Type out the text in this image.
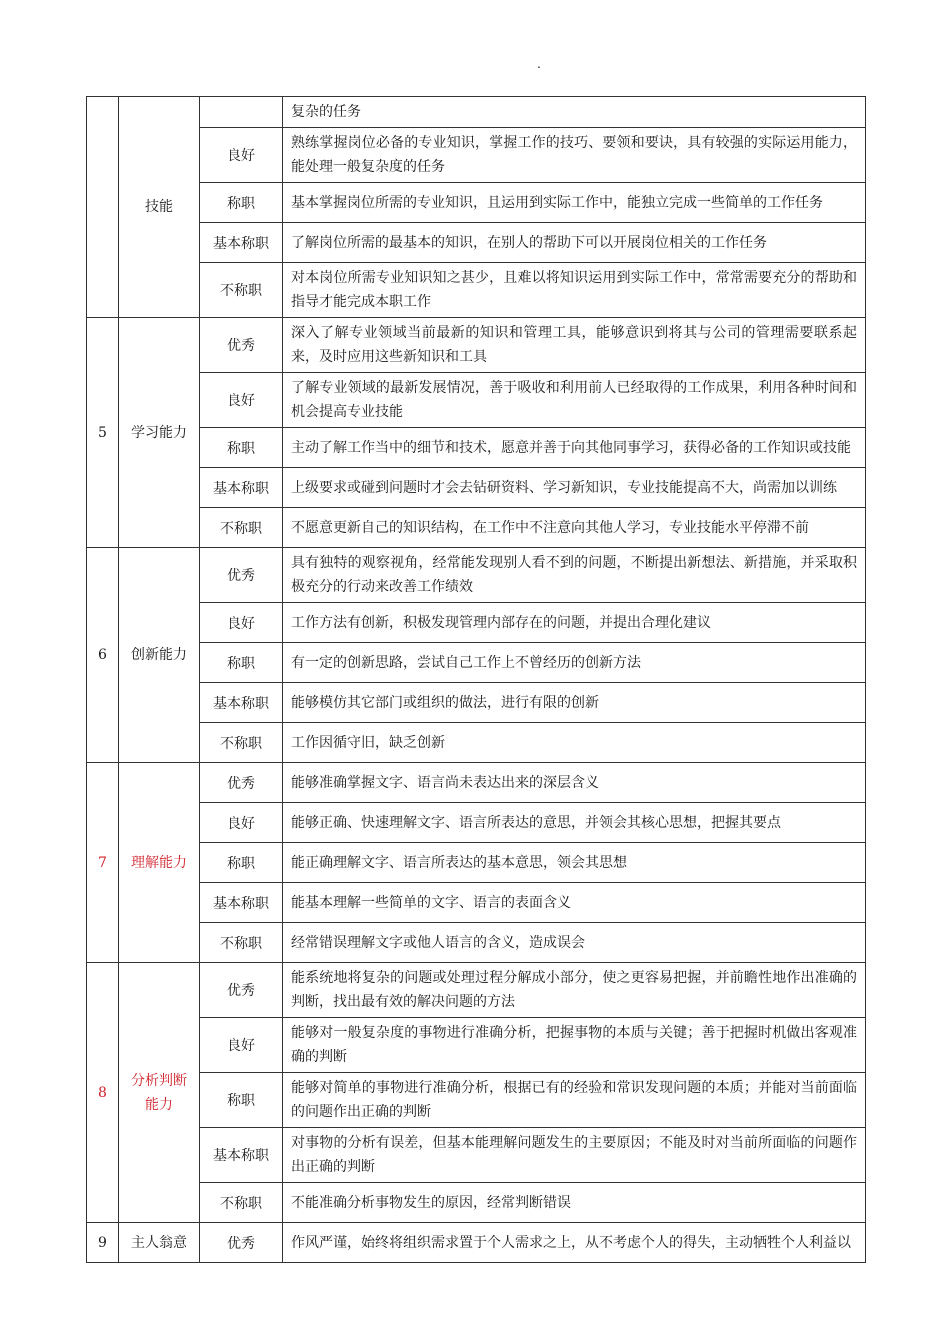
.
	技能		复杂的任务
		良好	熟练掌握岗位必备的专业知识，掌握工作的技巧、要领和要诀，具有较强的实际运用能力，能处理一般复杂度的任务
		称职	基本掌握岗位所需的专业知识，且运用到实际工作中，能独立完成一些简单的工作任务
		基本称职	了解岗位所需的最基本的知识，在别人的帮助下可以开展岗位相关的工作任务
		不称职	对本岗位所需专业知识知之甚少，且难以将知识运用到实际工作中，常常需要充分的帮助和指导才能完成本职工作
5	学习能力	优秀	深入了解专业领域当前最新的知识和管理工具，能够意识到将其与公司的管理需要联系起来，及时应用这些新知识和工具
		良好	了解专业领域的最新发展情况，善于吸收和利用前人已经取得的工作成果，利用各种时间和机会提高专业技能
		称职	主动了解工作当中的细节和技术，愿意并善于向其他同事学习，获得必备的工作知识或技能
		基本称职	上级要求或碰到问题时才会去钻研资料、学习新知识，专业技能提高不大，尚需加以训练
		不称职	不愿意更新自己的知识结构，在工作中不注意向其他人学习，专业技能水平停滞不前
6	创新能力	优秀	具有独特的观察视角，经常能发现别人看不到的问题，不断提出新想法、新措施，并采取积极充分的行动来改善工作绩效
		良好	工作方法有创新，积极发现管理内部存在的问题，并提出合理化建议
		称职	有一定的创新思路，尝试自己工作上不曾经历的创新方法
		基本称职	能够模仿其它部门或组织的做法，进行有限的创新
		不称职	工作因循守旧，缺乏创新
7	理解能力	优秀	能够准确掌握文字、语言尚未表达出来的深层含义
		良好	能够正确、快速理解文字、语言所表达的意思，并领会其核心思想，把握其要点
		称职	能正确理解文字、语言所表达的基本意思，领会其思想
		基本称职	能基本理解一些简单的文字、语言的表面含义
		不称职	经常错误理解文字或他人语言的含义，造成误会
8	分析判断能力	优秀	能系统地将复杂的问题或处理过程分解成小部分，使之更容易把握，并前瞻性地作出准确的判断，找出最有效的解决问题的方法
		良好	能够对一般复杂度的事物进行准确分析，把握事物的本质与关键；善于把握时机做出客观准确的判断
		称职	能够对简单的事物进行准确分析，根据已有的经验和常识发现问题的本质；并能对当前面临的问题作出正确的判断
		基本称职	对事物的分析有误差，但基本能理解问题发生的主要原因；不能及时对当前所面临的问题作出正确的判断
		不称职	不能准确分析事物发生的原因，经常判断错误
9	主人翁意	优秀	作风严谨，始终将组织需求置于个人需求之上，从不考虑个人的得失，主动牺牲个人利益以
